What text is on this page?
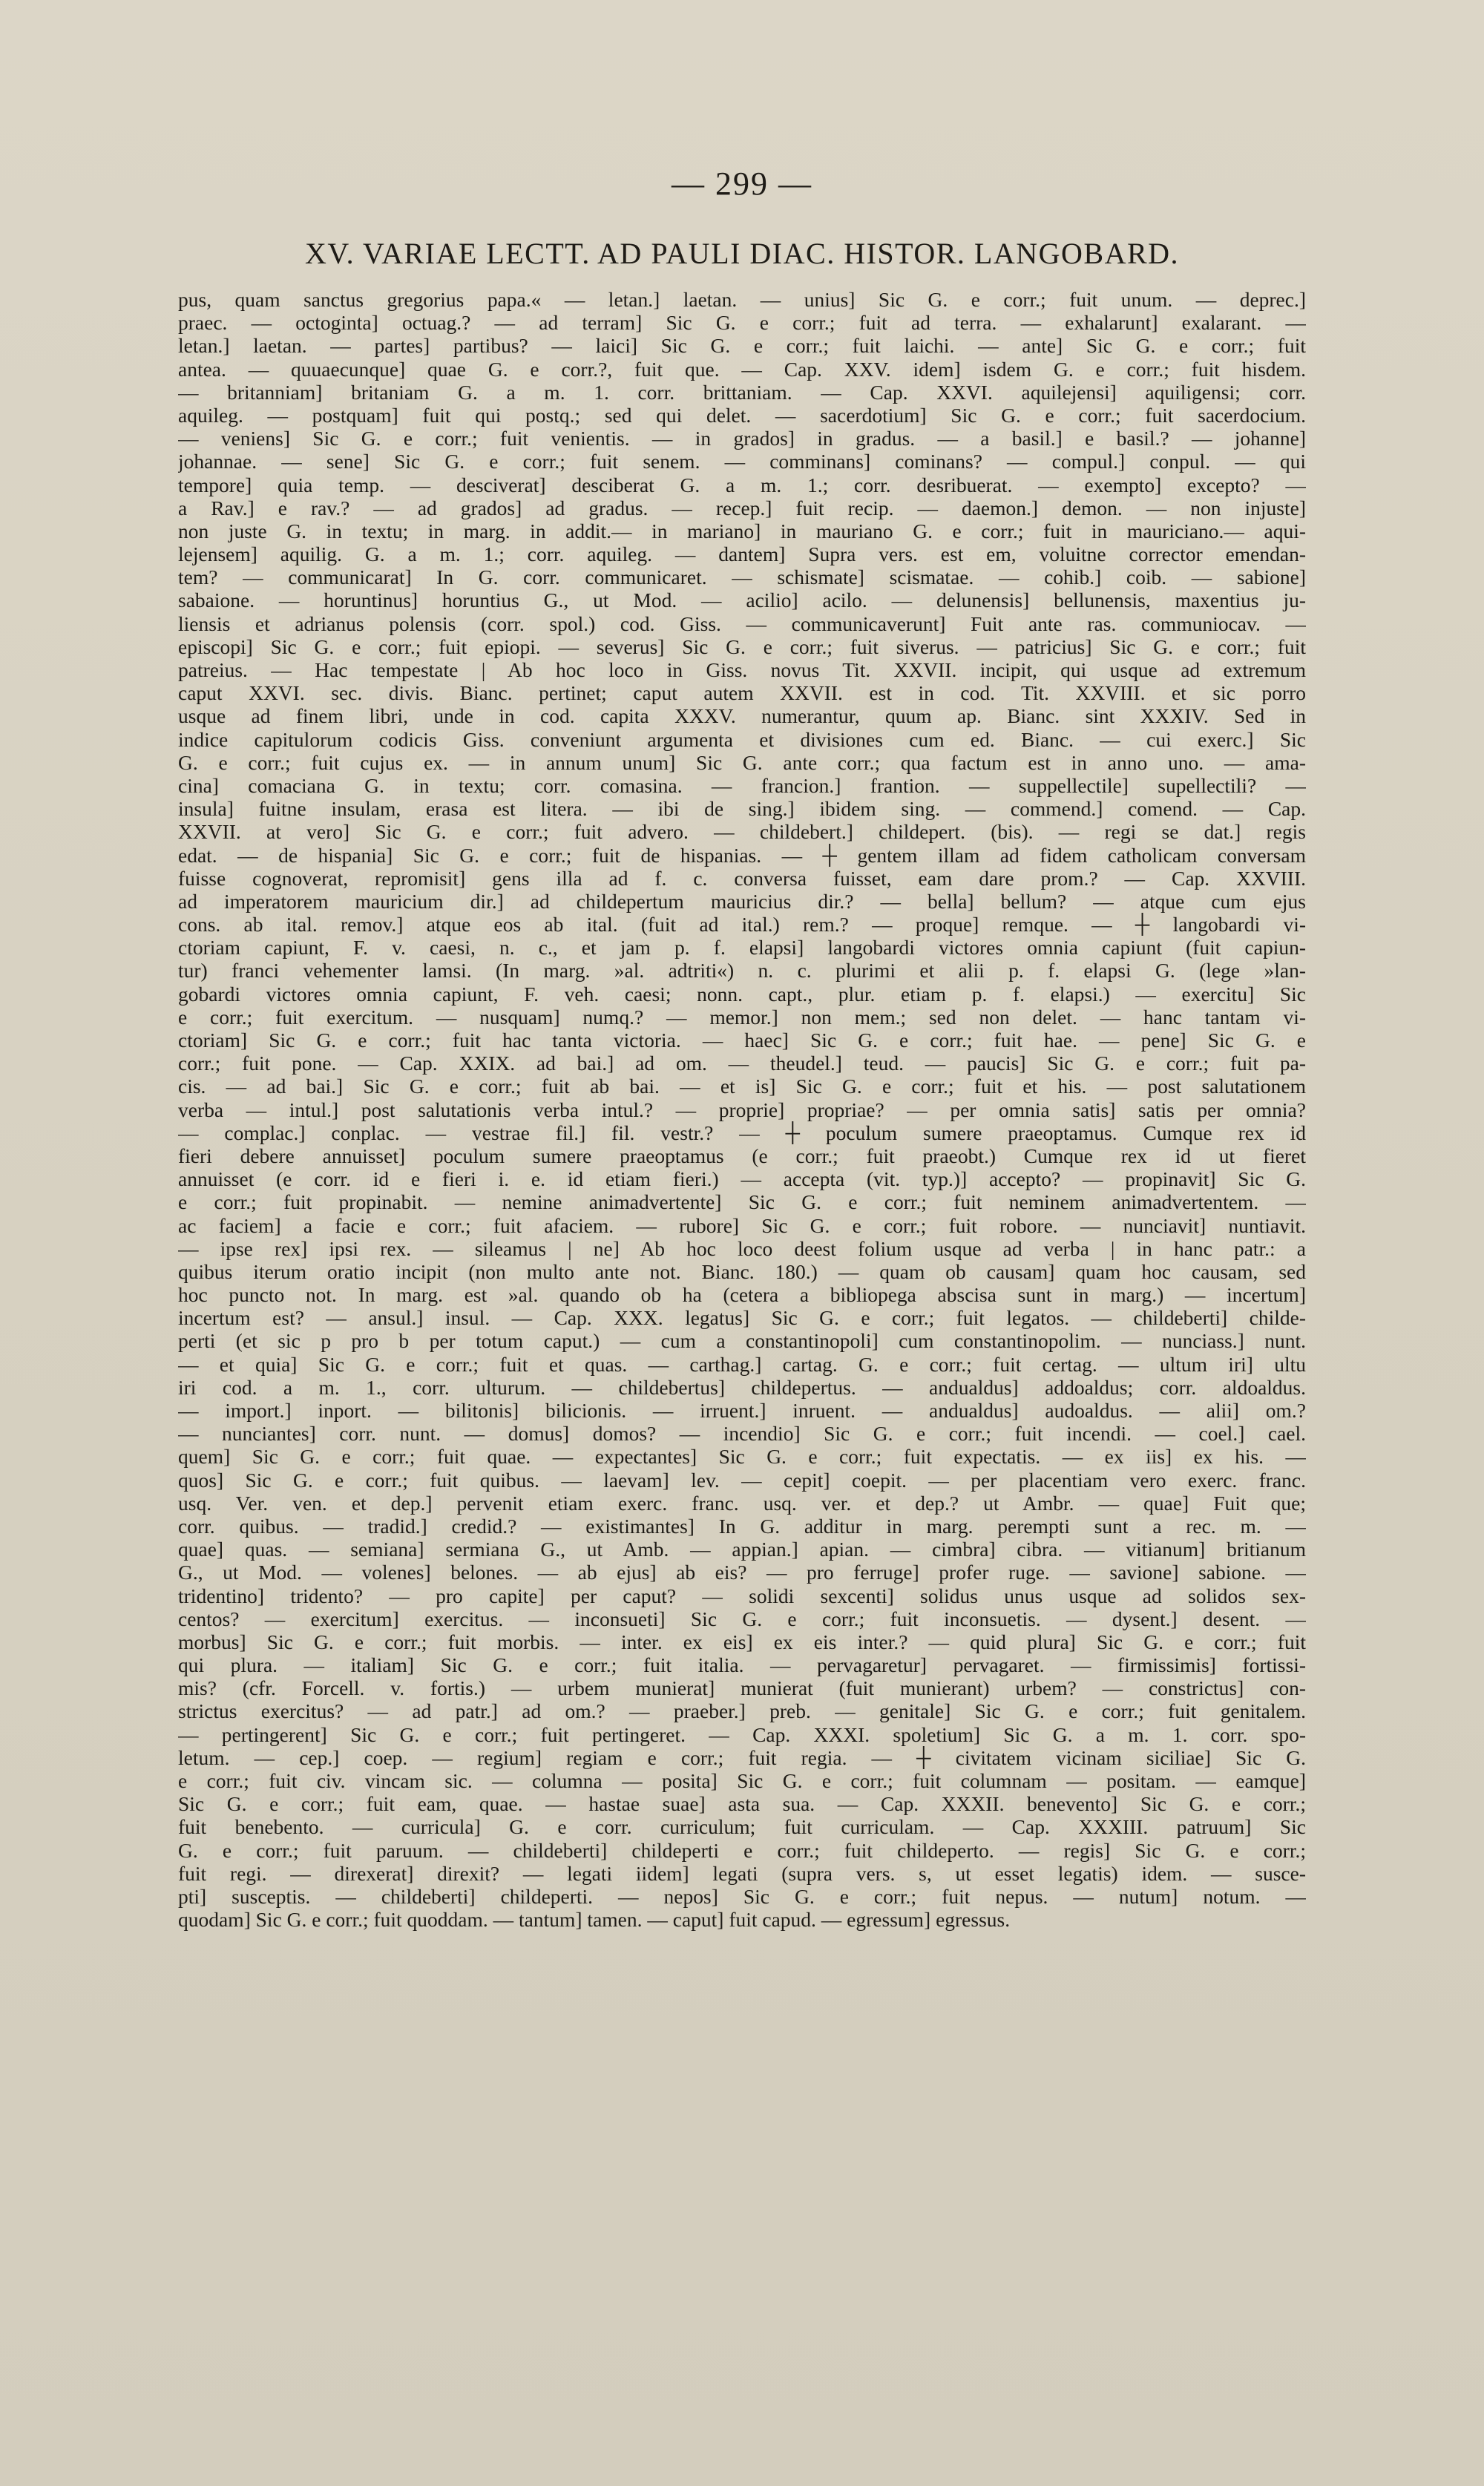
— 299 —
XV. VARIAE LECTT. AD PAULI DIAC. HISTOR. LANGOBARD.
pus, quam sanctus gregorius papa.« — letan.] laetan. — unius] Sic G. e corr.; fuit unum. — deprec.]
praec. — octoginta] octuag.? — ad terram] Sic G. e corr.; fuit ad terra. — exhalarunt] exalarant. —
letan.] laetan. — partes] partibus? — laici] Sic G. e corr.; fuit laichi. — ante] Sic G. e corr.; fuit
antea. — quuaecunque] quae G. e corr.?, fuit que. — Cap. XXV. idem] isdem G. e corr.; fuit hisdem.
— britanniam] britaniam G. a m. 1. corr. brittaniam. — Cap. XXVI. aquilejensi] aquiligensi; corr.
aquileg. — postquam] fuit qui postq.; sed qui delet. — sacerdotium] Sic G. e corr.; fuit sacerdocium.
— veniens] Sic G. e corr.; fuit venientis. — in grados] in gradus. — a basil.] e basil.? — johanne]
johannae. — sene] Sic G. e corr.; fuit senem. — comminans] cominans? — compul.] conpul. — qui
tempore] quia temp. — desciverat] desciberat G. a m. 1.; corr. desribuerat. — exempto] excepto? —
a Rav.] e rav.? — ad grados] ad gradus. — recep.] fuit recip. — daemon.] demon. — non injuste]
non juste G. in textu; in marg. in addit.— in mariano] in mauriano G. e corr.; fuit in mauriciano.— aqui-
lejensem] aquilig. G. a m. 1.; corr. aquileg. — dantem] Supra vers. est em, voluitne corrector emendan-
tem? — communicarat] In G. corr. communicaret. — schismate] scismatae. — cohib.] coib. — sabione]
sabaione. — horuntinus] horuntius G., ut Mod. — acilio] acilo. — delunensis] bellunensis, maxentius ju-
liensis et adrianus polensis (corr. spol.) cod. Giss. — communicaverunt] Fuit ante ras. communiocav. —
episcopi] Sic G. e corr.; fuit epiopi. — severus] Sic G. e corr.; fuit siverus. — patricius] Sic G. e corr.; fuit
patreius. — Hac tempestate | Ab hoc loco in Giss. novus Tit. XXVII. incipit, qui usque ad extremum
caput XXVI. sec. divis. Bianc. pertinet; caput autem XXVII. est in cod. Tit. XXVIII. et sic porro
usque ad finem libri, unde in cod. capita XXXV. numerantur, quum ap. Bianc. sint XXXIV. Sed in
indice capitulorum codicis Giss. conveniunt argumenta et divisiones cum ed. Bianc. — cui exerc.] Sic
G. e corr.; fuit cujus ex. — in annum unum] Sic G. ante corr.; qua factum est in anno uno. — ama-
cina] comaciana G. in textu; corr. comasina. — francion.] frantion. — suppellectile] supellectili? —
insula] fuitne insulam, erasa est litera. — ibi de sing.] ibidem sing. — commend.] comend. — Cap.
XXVII. at vero] Sic G. e corr.; fuit advero. — childebert.] childepert. (bis). — regi se dat.] regis
edat. — de hispania] Sic G. e corr.; fuit de hispanias. — ┼ gentem illam ad fidem catholicam conversam
fuisse cognoverat, repromisit] gens illa ad f. c. conversa fuisset, eam dare prom.? — Cap. XXVIII.
ad imperatorem mauricium dir.] ad childepertum mauricius dir.? — bella] bellum? — atque cum ejus
cons. ab ital. remov.] atque eos ab ital. (fuit ad ital.) rem.? — proque] remque. — ┼ langobardi vi-
ctoriam capiunt, F. v. caesi, n. c., et jam p. f. elapsi] langobardi victores omnia capiunt (fuit capiun-
tur) franci vehementer lamsi. (In marg. »al. adtriti«) n. c. plurimi et alii p. f. elapsi G. (lege »lan-
gobardi victores omnia capiunt, F. veh. caesi; nonn. capt., plur. etiam p. f. elapsi.) — exercitu] Sic
e corr.; fuit exercitum. — nusquam] numq.? — memor.] non mem.; sed non delet. — hanc tantam vi-
ctoriam] Sic G. e corr.; fuit hac tanta victoria. — haec] Sic G. e corr.; fuit hae. — pene] Sic G. e
corr.; fuit pone. — Cap. XXIX. ad bai.] ad om. — theudel.] teud. — paucis] Sic G. e corr.; fuit pa-
cis. — ad bai.] Sic G. e corr.; fuit ab bai. — et is] Sic G. e corr.; fuit et his. — post salutationem
verba — intul.] post salutationis verba intul.? — proprie] propriae? — per omnia satis] satis per omnia?
— complac.] conplac. — vestrae fil.] fil. vestr.? — ┼ poculum sumere praeoptamus. Cumque rex id
fieri debere annuisset] poculum sumere praeoptamus (e corr.; fuit praeobt.) Cumque rex id ut fieret
annuisset (e corr. id e fieri i. e. id etiam fieri.) — accepta (vit. typ.)] accepto? — propinavit] Sic G.
e corr.; fuit propinabit. — nemine animadvertente] Sic G. e corr.; fuit neminem animadvertentem. —
ac faciem] a facie e corr.; fuit afaciem. — rubore] Sic G. e corr.; fuit robore. — nunciavit] nuntiavit.
— ipse rex] ipsi rex. — sileamus | ne] Ab hoc loco deest folium usque ad verba | in hanc patr.: a
quibus iterum oratio incipit (non multo ante not. Bianc. 180.) — quam ob causam] quam hoc causam, sed
hoc puncto not. In marg. est »al. quando ob ha (cetera a bibliopega abscisa sunt in marg.) — incertum]
incertum est? — ansul.] insul. — Cap. XXX. legatus] Sic G. e corr.; fuit legatos. — childeberti] childe-
perti (et sic p pro b per totum caput.) — cum a constantinopoli] cum constantinopolim. — nunciass.] nunt.
— et quia] Sic G. e corr.; fuit et quas. — carthag.] cartag. G. e corr.; fuit certag. — ultum iri] ultu
iri cod. a m. 1., corr. ulturum. — childebertus] childepertus. — andualdus] addoaldus; corr. aldoaldus.
— import.] inport. — bilitonis] bilicionis. — irruent.] inruent. — andualdus] audoaldus. — alii] om.?
— nunciantes] corr. nunt. — domus] domos? — incendio] Sic G. e corr.; fuit incendi. — coel.] cael.
quem] Sic G. e corr.; fuit quae. — expectantes] Sic G. e corr.; fuit expectatis. — ex iis] ex his. —
quos] Sic G. e corr.; fuit quibus. — laevam] lev. — cepit] coepit. — per placentiam vero exerc. franc.
usq. Ver. ven. et dep.] pervenit etiam exerc. franc. usq. ver. et dep.? ut Ambr. — quae] Fuit que;
corr. quibus. — tradid.] credid.? — existimantes] In G. additur in marg. perempti sunt a rec. m. —
quae] quas. — semiana] sermiana G., ut Amb. — appian.] apian. — cimbra] cibra. — vitianum] britianum
G., ut Mod. — volenes] belones. — ab ejus] ab eis? — pro ferruge] profer ruge. — savione] sabione. —
tridentino] tridento? — pro capite] per caput? — solidi sexcenti] solidus unus usque ad solidos sex-
centos? — exercitum] exercitus. — inconsueti] Sic G. e corr.; fuit inconsuetis. — dysent.] desent. —
morbus] Sic G. e corr.; fuit morbis. — inter. ex eis] ex eis inter.? — quid plura] Sic G. e corr.; fuit
qui plura. — italiam] Sic G. e corr.; fuit italia. — pervagaretur] pervagaret. — firmissimis] fortissi-
mis? (cfr. Forcell. v. fortis.) — urbem munierat] munierat (fuit munierant) urbem? — constrictus] con-
strictus exercitus? — ad patr.] ad om.? — praeber.] preb. — genitale] Sic G. e corr.; fuit genitalem.
— pertingerent] Sic G. e corr.; fuit pertingeret. — Cap. XXXI. spoletium] Sic G. a m. 1. corr. spo-
letum. — cep.] coep. — regium] regiam e corr.; fuit regia. — ┼ civitatem vicinam siciliae] Sic G.
e corr.; fuit civ. vincam sic. — columna — posita] Sic G. e corr.; fuit columnam — positam. — eamque]
Sic G. e corr.; fuit eam, quae. — hastae suae] asta sua. — Cap. XXXII. benevento] Sic G. e corr.;
fuit benebento. — curricula] G. e corr. curriculum; fuit curriculam. — Cap. XXXIII. patruum] Sic
G. e corr.; fuit paruum. — childeberti] childeperti e corr.; fuit childeperto. — regis] Sic G. e corr.;
fuit regi. — direxerat] direxit? — legati iidem] legati (supra vers. s, ut esset legatis) idem. — susce-
pti] susceptis. — childeberti] childeperti. — nepos] Sic G. e corr.; fuit nepus. — nutum] notum. —
quodam] Sic G. e corr.; fuit quoddam. — tantum] tamen. — caput] fuit capud. — egressum] egressus.
